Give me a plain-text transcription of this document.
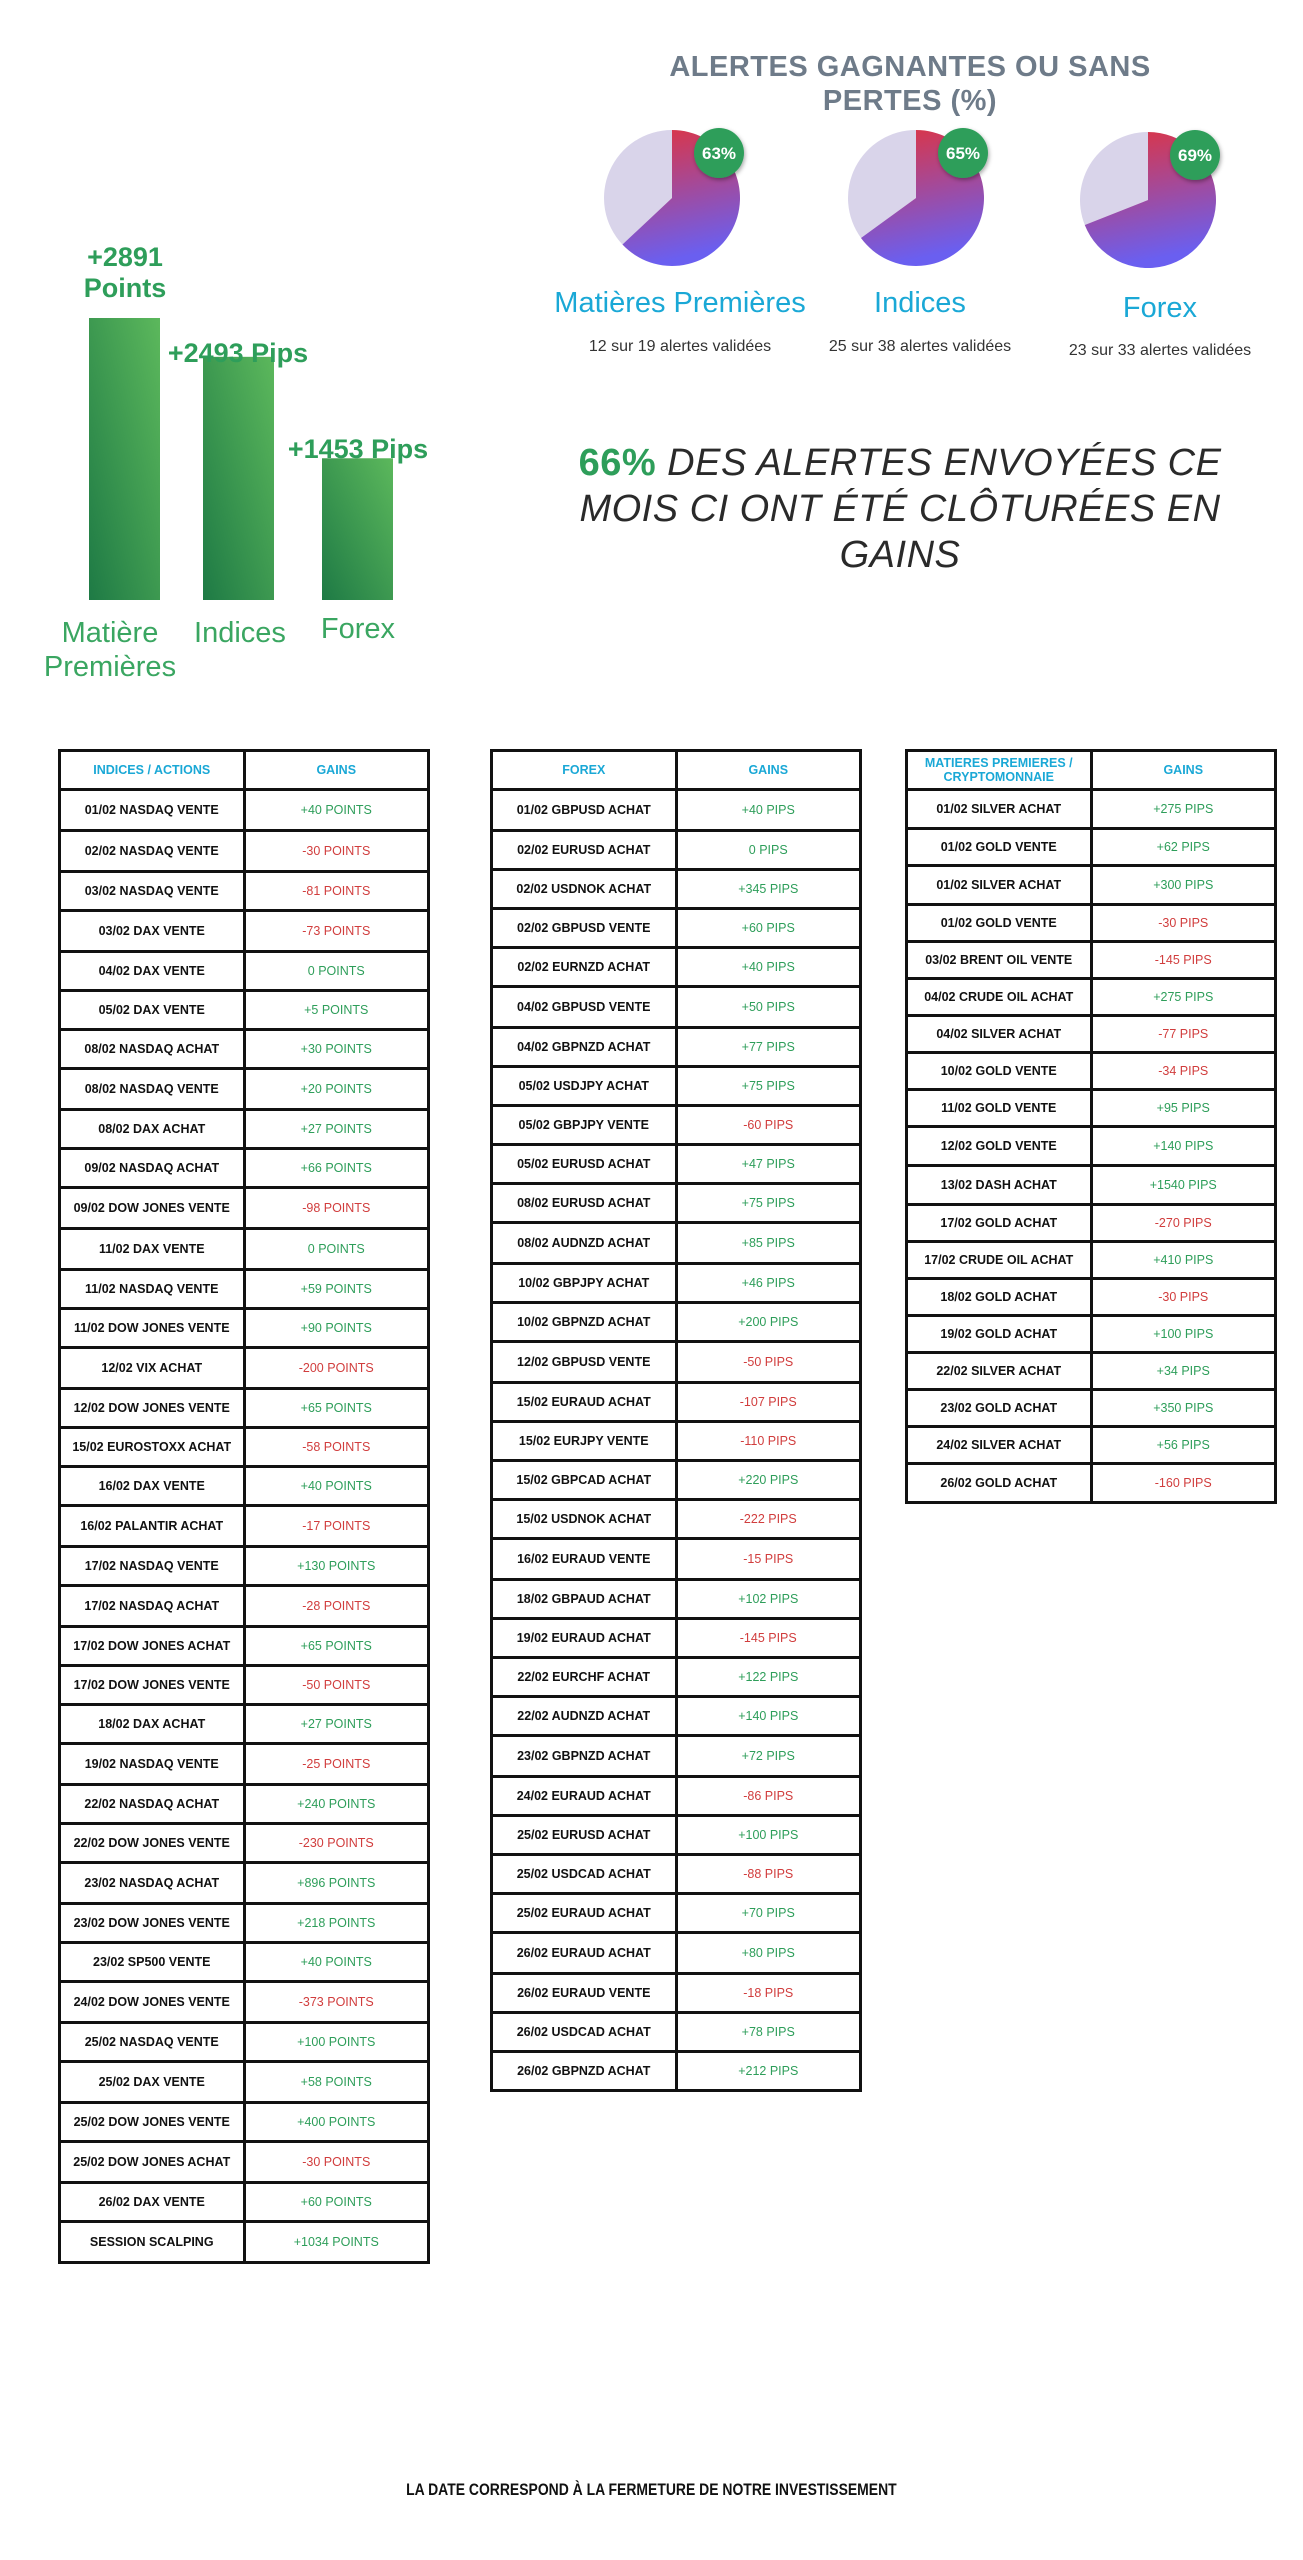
ALERTES GAGNANTES OU SANS PERTES (%)
63%	65%	69%
Matières Premières	Indices	Forex
12 sur 19 alertes validées	25 sur 38 alertes validées	23 sur 33 alertes validées
66% DES ALERTES ENVOYÉES CE MOIS CI ONT ÉTÉ CLÔTURÉES EN GAINS
+2891 Points
+2493 Pips
+1453 Pips
Matière Premières
Indices	Forex
INDICES / ACTIONS	GAINS
01/02 NASDAQ VENTE	+40 POINTS
02/02 NASDAQ VENTE	-30 POINTS
03/02 NASDAQ VENTE	-81 POINTS
03/02 DAX VENTE	-73 POINTS
04/02 DAX VENTE	0 POINTS
05/02 DAX VENTE	+5 POINTS
08/02 NASDAQ ACHAT	+30 POINTS
08/02 NASDAQ VENTE	+20 POINTS
08/02 DAX ACHAT	+27 POINTS
09/02 NASDAQ ACHAT	+66 POINTS
09/02 DOW JONES VENTE	-98 POINTS
11/02 DAX VENTE	0 POINTS
11/02 NASDAQ VENTE	+59 POINTS
11/02 DOW JONES VENTE	+90 POINTS
12/02 VIX ACHAT	-200 POINTS
12/02 DOW JONES VENTE	+65 POINTS
15/02 EUROSTOXX ACHAT	-58 POINTS
16/02 DAX VENTE	+40 POINTS
16/02 PALANTIR ACHAT	-17 POINTS
17/02 NASDAQ VENTE	+130 POINTS
17/02 NASDAQ ACHAT	-28 POINTS
17/02 DOW JONES ACHAT	+65 POINTS
17/02 DOW JONES VENTE	-50 POINTS
18/02 DAX ACHAT	+27 POINTS
19/02 NASDAQ VENTE	-25 POINTS
22/02 NASDAQ ACHAT	+240 POINTS
22/02 DOW JONES VENTE	-230 POINTS
23/02 NASDAQ ACHAT	+896 POINTS
23/02 DOW JONES VENTE	+218 POINTS
23/02 SP500 VENTE	+40 POINTS
24/02 DOW JONES VENTE	-373 POINTS
25/02 NASDAQ VENTE	+100 POINTS
25/02 DAX VENTE	+58 POINTS
25/02 DOW JONES VENTE	+400 POINTS
25/02 DOW JONES ACHAT	-30 POINTS
26/02 DAX VENTE	+60 POINTS
SESSION SCALPING	+1034 POINTS
FOREX	GAINS
01/02 GBPUSD ACHAT	+40 PIPS
02/02 EURUSD ACHAT	0 PIPS
02/02 USDNOK ACHAT	+345 PIPS
02/02 GBPUSD VENTE	+60 PIPS
02/02 EURNZD ACHAT	+40 PIPS
04/02 GBPUSD VENTE	+50 PIPS
04/02 GBPNZD ACHAT	+77 PIPS
05/02 USDJPY ACHAT	+75 PIPS
05/02 GBPJPY VENTE	-60 PIPS
05/02 EURUSD ACHAT	+47 PIPS
08/02 EURUSD ACHAT	+75 PIPS
08/02 AUDNZD ACHAT	+85 PIPS
10/02 GBPJPY ACHAT	+46 PIPS
10/02 GBPNZD ACHAT	+200 PIPS
12/02 GBPUSD VENTE	-50 PIPS
15/02 EURAUD ACHAT	-107 PIPS
15/02 EURJPY VENTE	-110 PIPS
15/02 GBPCAD ACHAT	+220 PIPS
15/02 USDNOK ACHAT	-222 PIPS
16/02 EURAUD VENTE	-15 PIPS
18/02 GBPAUD ACHAT	+102 PIPS
19/02 EURAUD ACHAT	-145 PIPS
22/02 EURCHF ACHAT	+122 PIPS
22/02 AUDNZD ACHAT	+140 PIPS
23/02 GBPNZD ACHAT	+72 PIPS
24/02 EURAUD ACHAT	-86 PIPS
25/02 EURUSD ACHAT	+100 PIPS
25/02 USDCAD ACHAT	-88 PIPS
25/02 EURAUD ACHAT	+70 PIPS
26/02 EURAUD ACHAT	+80 PIPS
26/02 EURAUD VENTE	-18 PIPS
26/02 USDCAD ACHAT	+78 PIPS
26/02 GBPNZD ACHAT	+212 PIPS
MATIERES PREMIERES / CRYPTOMONNAIE	GAINS
01/02 SILVER ACHAT	+275 PIPS
01/02 GOLD VENTE	+62 PIPS
01/02 SILVER ACHAT	+300 PIPS
01/02 GOLD VENTE	-30 PIPS
03/02 BRENT OIL VENTE	-145 PIPS
04/02 CRUDE OIL ACHAT	+275 PIPS
04/02 SILVER ACHAT	-77 PIPS
10/02 GOLD VENTE	-34 PIPS
11/02 GOLD VENTE	+95 PIPS
12/02 GOLD VENTE	+140 PIPS
13/02 DASH ACHAT	+1540 PIPS
17/02 GOLD ACHAT	-270 PIPS
17/02 CRUDE OIL ACHAT	+410 PIPS
18/02 GOLD ACHAT	-30 PIPS
19/02 GOLD ACHAT	+100 PIPS
22/02 SILVER ACHAT	+34 PIPS
23/02 GOLD ACHAT	+350 PIPS
24/02 SILVER ACHAT	+56 PIPS
26/02 GOLD ACHAT	-160 PIPS
LA DATE CORRESPOND À LA FERMETURE DE NOTRE INVESTISSEMENT
